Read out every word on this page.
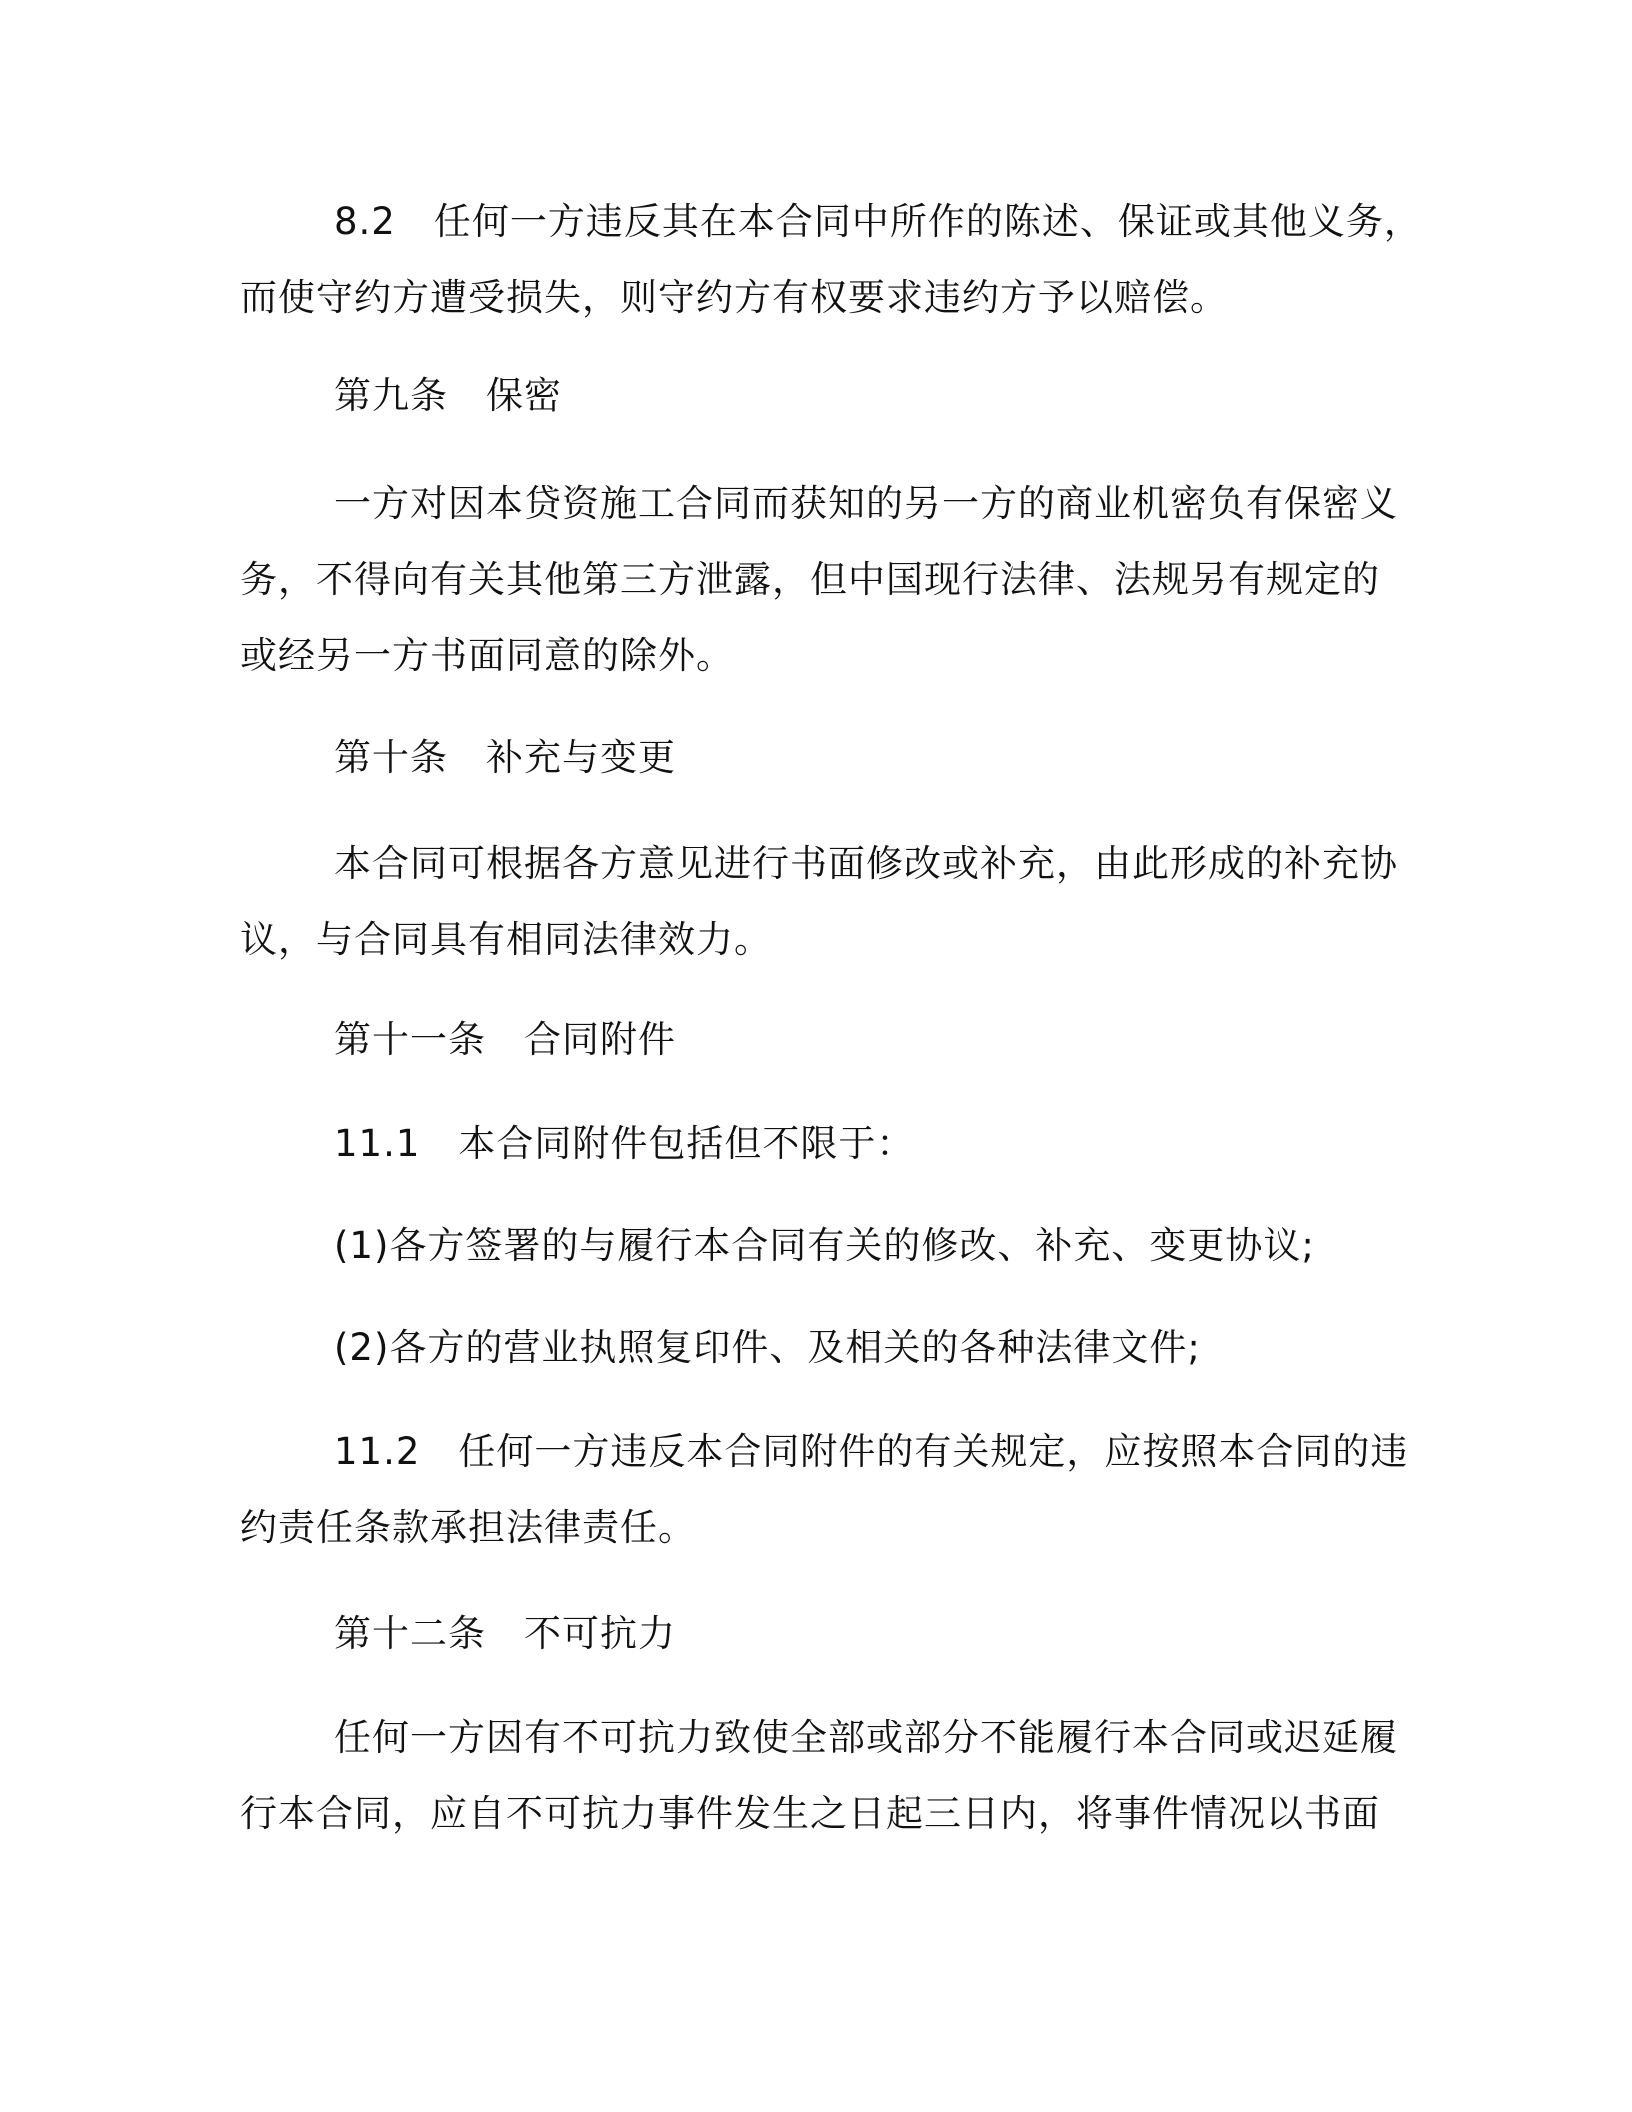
8.2　任何一方违反其在本合同中所作的陈述、保证或其他义务，
而使守约方遭受损失，则守约方有权要求违约方予以赔偿。
第九条　保密
一方对因本贷资施工合同而获知的另一方的商业机密负有保密义
务，不得向有关其他第三方泄露，但中国现行法律、法规另有规定的
或经另一方书面同意的除外。
第十条　补充与变更
本合同可根据各方意见进行书面修改或补充，由此形成的补充协
议，与合同具有相同法律效力。
第十一条　合同附件
11.1　本合同附件包括但不限于：
(1)各方签署的与履行本合同有关的修改、补充、变更协议;
(2)各方的营业执照复印件、及相关的各种法律文件;
11.2　任何一方违反本合同附件的有关规定，应按照本合同的违
约责任条款承担法律责任。
第十二条　不可抗力
任何一方因有不可抗力致使全部或部分不能履行本合同或迟延履
行本合同，应自不可抗力事件发生之日起三日内，将事件情况以书面
